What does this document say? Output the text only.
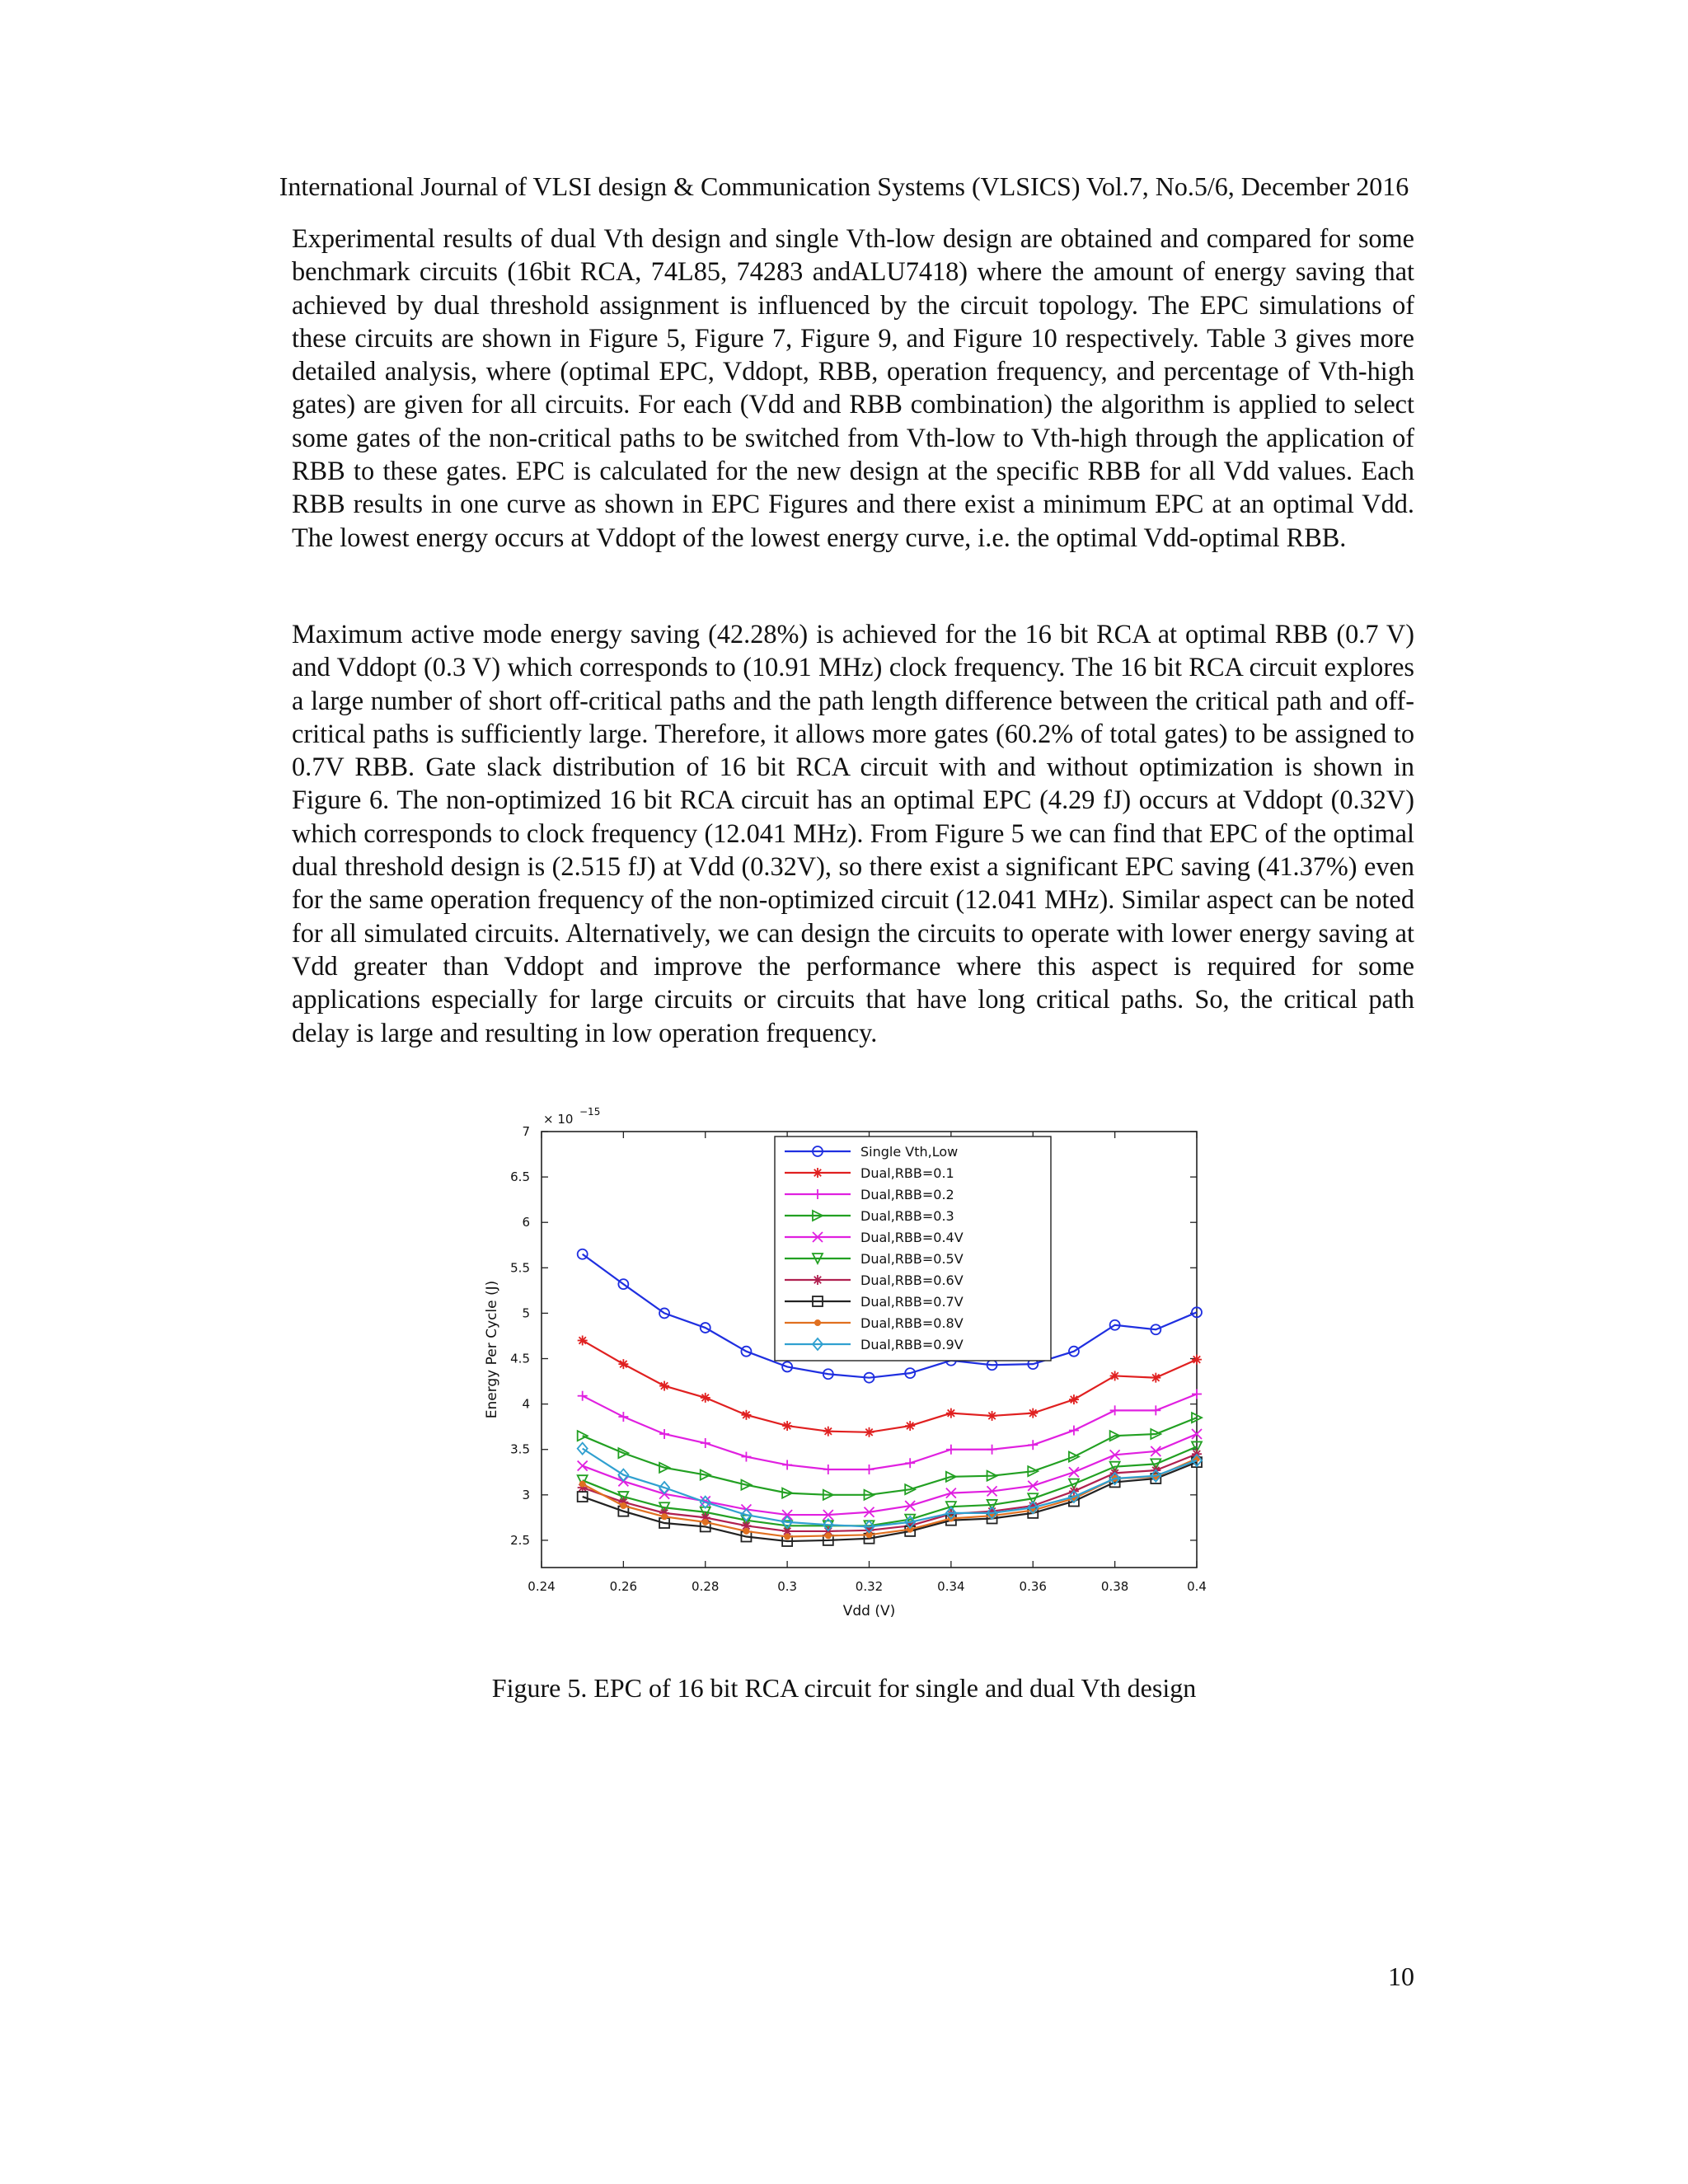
International Journal of VLSI design & Communication Systems (VLSICS) Vol.7, No.5/6, December 2016

Experimental results of dual Vth design and single Vth-low design are obtained and compared for some benchmark circuits (16bit RCA, 74L85, 74283 andALU7418) where the amount of energy saving that achieved by dual threshold assignment is influenced by the circuit topology. The EPC simulations of these circuits are shown in Figure 5, Figure 7, Figure 9, and Figure 10 respectively. Table 3 gives more detailed analysis, where (optimal EPC, Vddopt, RBB, operation frequency, and percentage of Vth-high gates) are given for all circuits. For each (Vdd and RBB combination) the algorithm is applied to select some gates of the non-critical paths to be switched from Vth-low to Vth-high through the application of RBB to these gates. EPC is calculated for the new design at the specific RBB for all Vdd values. Each RBB results in one curve as shown in EPC Figures and there exist a minimum EPC at an optimal Vdd. The lowest energy occurs at Vddopt of the lowest energy curve, i.e. the optimal Vdd-optimal RBB.

Maximum active mode energy saving (42.28%) is achieved for the 16 bit RCA at optimal RBB (0.7 V) and Vddopt (0.3 V) which corresponds to (10.91 MHz) clock frequency. The 16 bit RCA circuit explores a large number of short off-critical paths and the path length difference between the critical path and off-critical paths is sufficiently large. Therefore, it allows more gates (60.2% of total gates) to be assigned to 0.7V RBB. Gate slack distribution of 16 bit RCA circuit with and without optimization is shown in Figure 6. The non-optimized 16 bit RCA circuit has an optimal EPC (4.29 fJ) occurs at Vddopt (0.32V) which corresponds to clock frequency (12.041 MHz). From Figure 5 we can find that EPC of the optimal dual threshold design is (2.515 fJ) at Vdd (0.32V), so there exist a significant EPC saving (41.37%) even for the same operation frequency of the non-optimized circuit (12.041 MHz). Similar aspect can be noted for all simulated circuits. Alternatively, we can design the circuits to operate with lower energy saving at Vdd greater than Vddopt and improve the performance where this aspect is required for some applications especially for large circuits or circuits that have long critical paths. So, the critical path delay is large and resulting in low operation frequency.

0.24	0.26	0.28	0.3	0.32	0.34	0.36	0.38	0.4
2.5
3
3.5
4
4.5
5
5.5
6
6.5
7
× 10 −15
Vdd (V)
Energy Per Cycle (J)
Single Vth,Low
Dual,RBB=0.1
Dual,RBB=0.2
Dual,RBB=0.3
Dual,RBB=0.4V
Dual,RBB=0.5V
Dual,RBB=0.6V
Dual,RBB=0.7V
Dual,RBB=0.8V
Dual,RBB=0.9V
Figure 5. EPC of 16 bit RCA circuit for single and dual Vth design
10
